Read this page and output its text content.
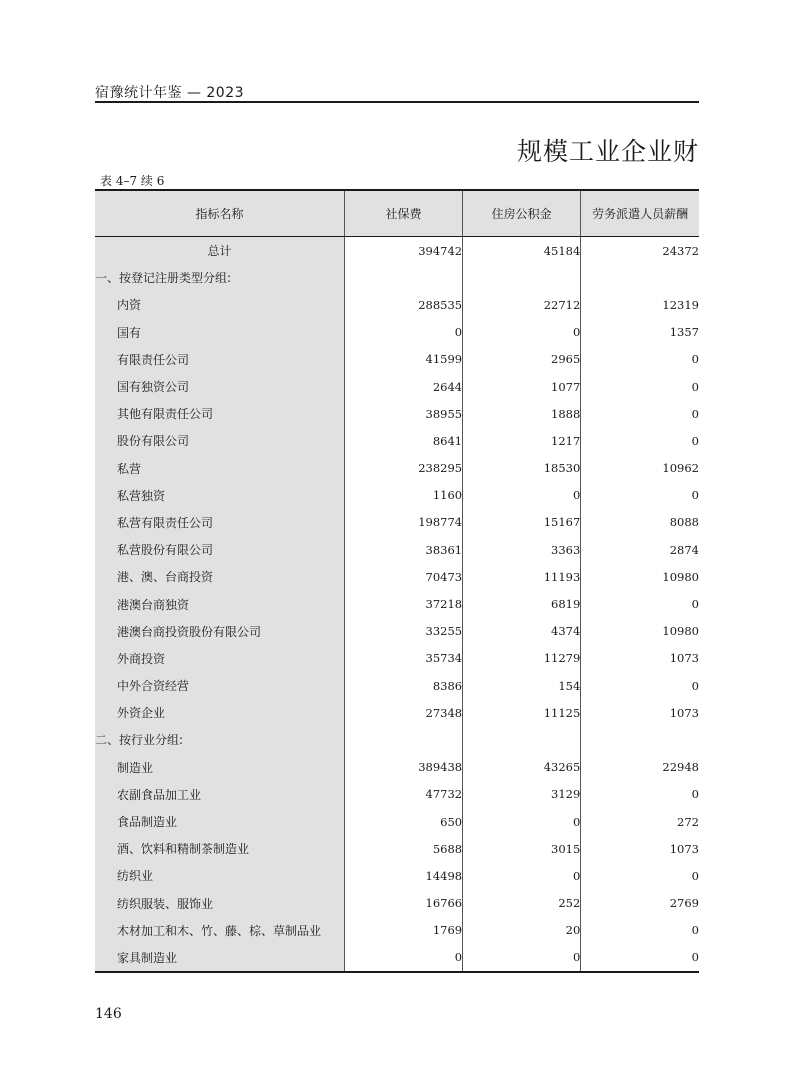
宿豫统计年鉴 — 2023
规模工业企业财
表 4–7 续 6
指标名称	社保费	住房公积金	劳务派遣人员薪酬
总计	394742	45184	24372
一、按登记注册类型分组:			
内资	288535	22712	12319
国有	0	0	1357
有限责任公司	41599	2965	0
国有独资公司	2644	1077	0
其他有限责任公司	38955	1888	0
股份有限公司	8641	1217	0
私营	238295	18530	10962
私营独资	1160	0	0
私营有限责任公司	198774	15167	8088
私营股份有限公司	38361	3363	2874
港、澳、台商投资	70473	11193	10980
港澳台商独资	37218	6819	0
港澳台商投资股份有限公司	33255	4374	10980
外商投资	35734	11279	1073
中外合资经营	8386	154	0
外资企业	27348	11125	1073
二、按行业分组:			
制造业	389438	43265	22948
农副食品加工业	47732	3129	0
食品制造业	650	0	272
酒、饮料和精制茶制造业	5688	3015	1073
纺织业	14498	0	0
纺织服装、服饰业	16766	252	2769
木材加工和木、竹、藤、棕、草制品业	1769	20	0
家具制造业	0	0	0
146
